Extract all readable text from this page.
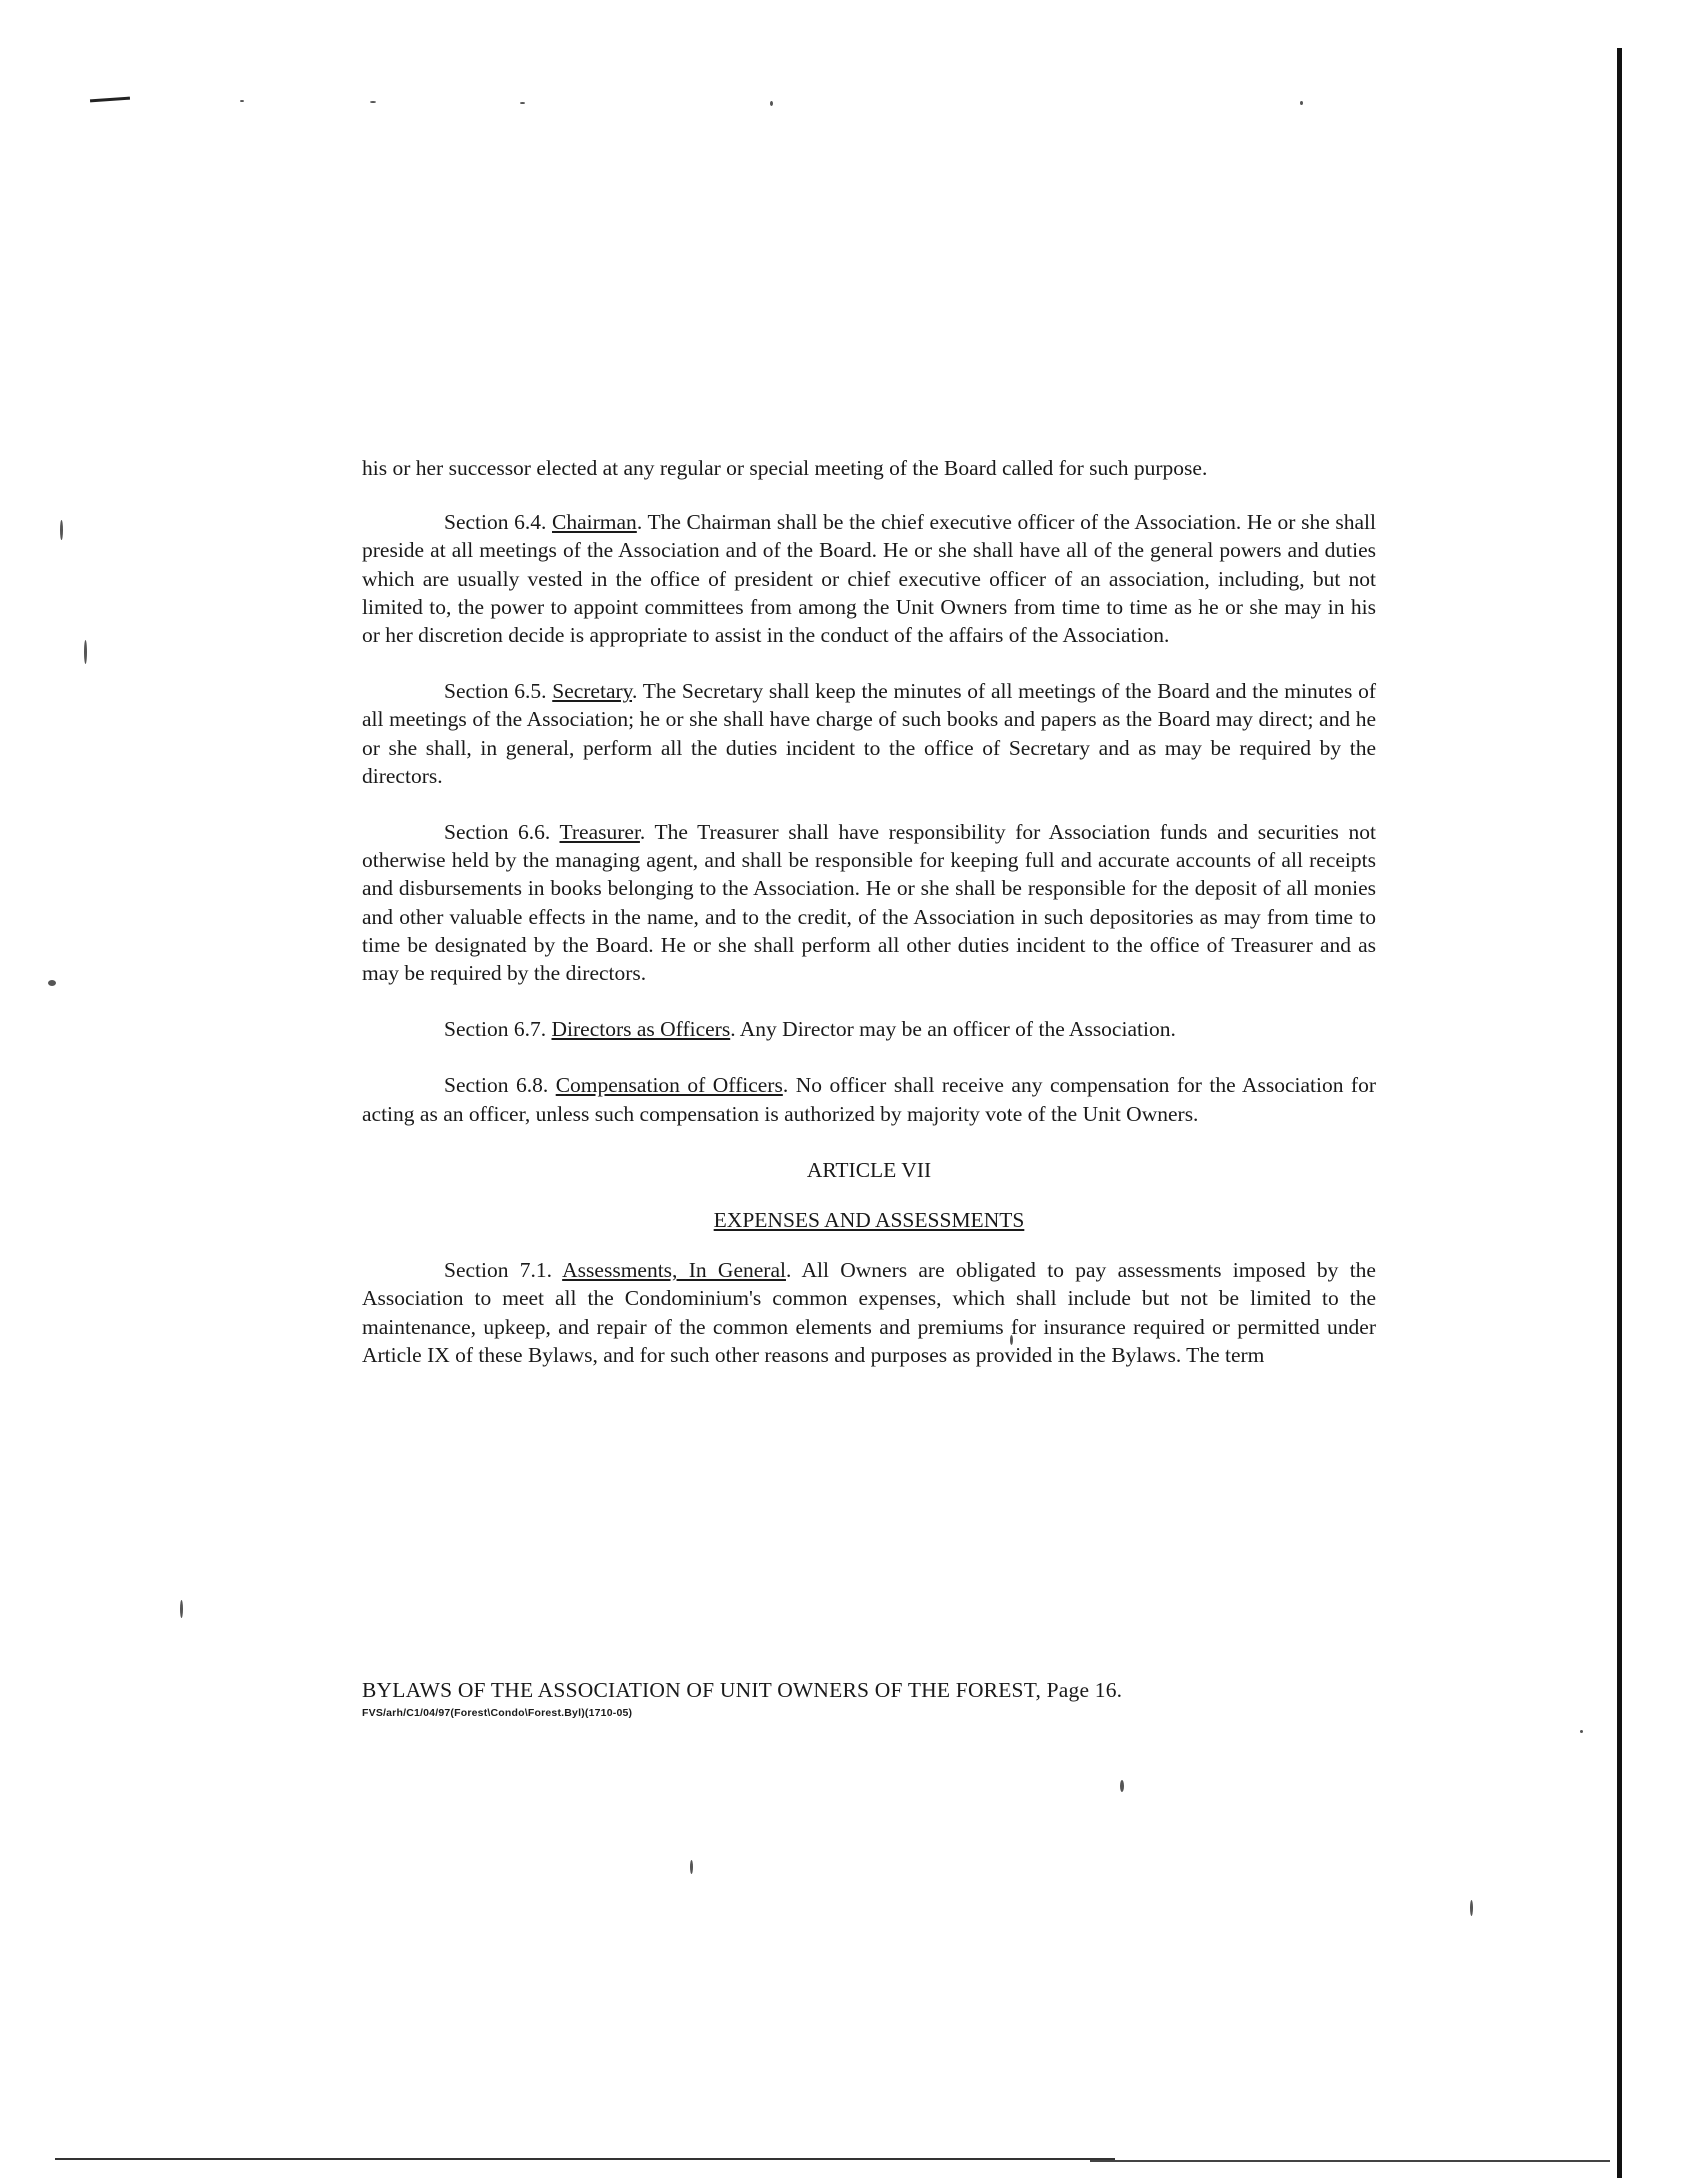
his or her successor elected at any regular or special meeting of the Board called for such purpose.

Section 6.4. Chairman. The Chairman shall be the chief executive officer of the Association. He or she shall preside at all meetings of the Association and of the Board. He or she shall have all of the general powers and duties which are usually vested in the office of president or chief executive officer of an association, including, but not limited to, the power to appoint committees from among the Unit Owners from time to time as he or she may in his or her discretion decide is appropriate to assist in the conduct of the affairs of the Association.

Section 6.5. Secretary. The Secretary shall keep the minutes of all meetings of the Board and the minutes of all meetings of the Association; he or she shall have charge of such books and papers as the Board may direct; and he or she shall, in general, perform all the duties incident to the office of Secretary and as may be required by the directors.

Section 6.6. Treasurer. The Treasurer shall have responsibility for Association funds and securities not otherwise held by the managing agent, and shall be responsible for keeping full and accurate accounts of all receipts and disbursements in books belonging to the Association. He or she shall be responsible for the deposit of all monies and other valuable effects in the name, and to the credit, of the Association in such depositories as may from time to time be designated by the Board. He or she shall perform all other duties incident to the office of Treasurer and as may be required by the directors.

Section 6.7. Directors as Officers. Any Director may be an officer of the Association.

Section 6.8. Compensation of Officers. No officer shall receive any compensation for the Association for acting as an officer, unless such compensation is authorized by majority vote of the Unit Owners.

ARTICLE VII

EXPENSES AND ASSESSMENTS

Section 7.1. Assessments, In General. All Owners are obligated to pay assessments imposed by the Association to meet all the Condominium's common expenses, which shall include but not be limited to the maintenance, upkeep, and repair of the common elements and premiums for insurance required or permitted under Article IX of these Bylaws, and for such other reasons and purposes as provided in the Bylaws. The term

BYLAWS OF THE ASSOCIATION OF UNIT OWNERS OF THE FOREST, Page 16.
FVS/arh/C1/04/97(Forest\Condo\Forest.Byl)(1710-05)
